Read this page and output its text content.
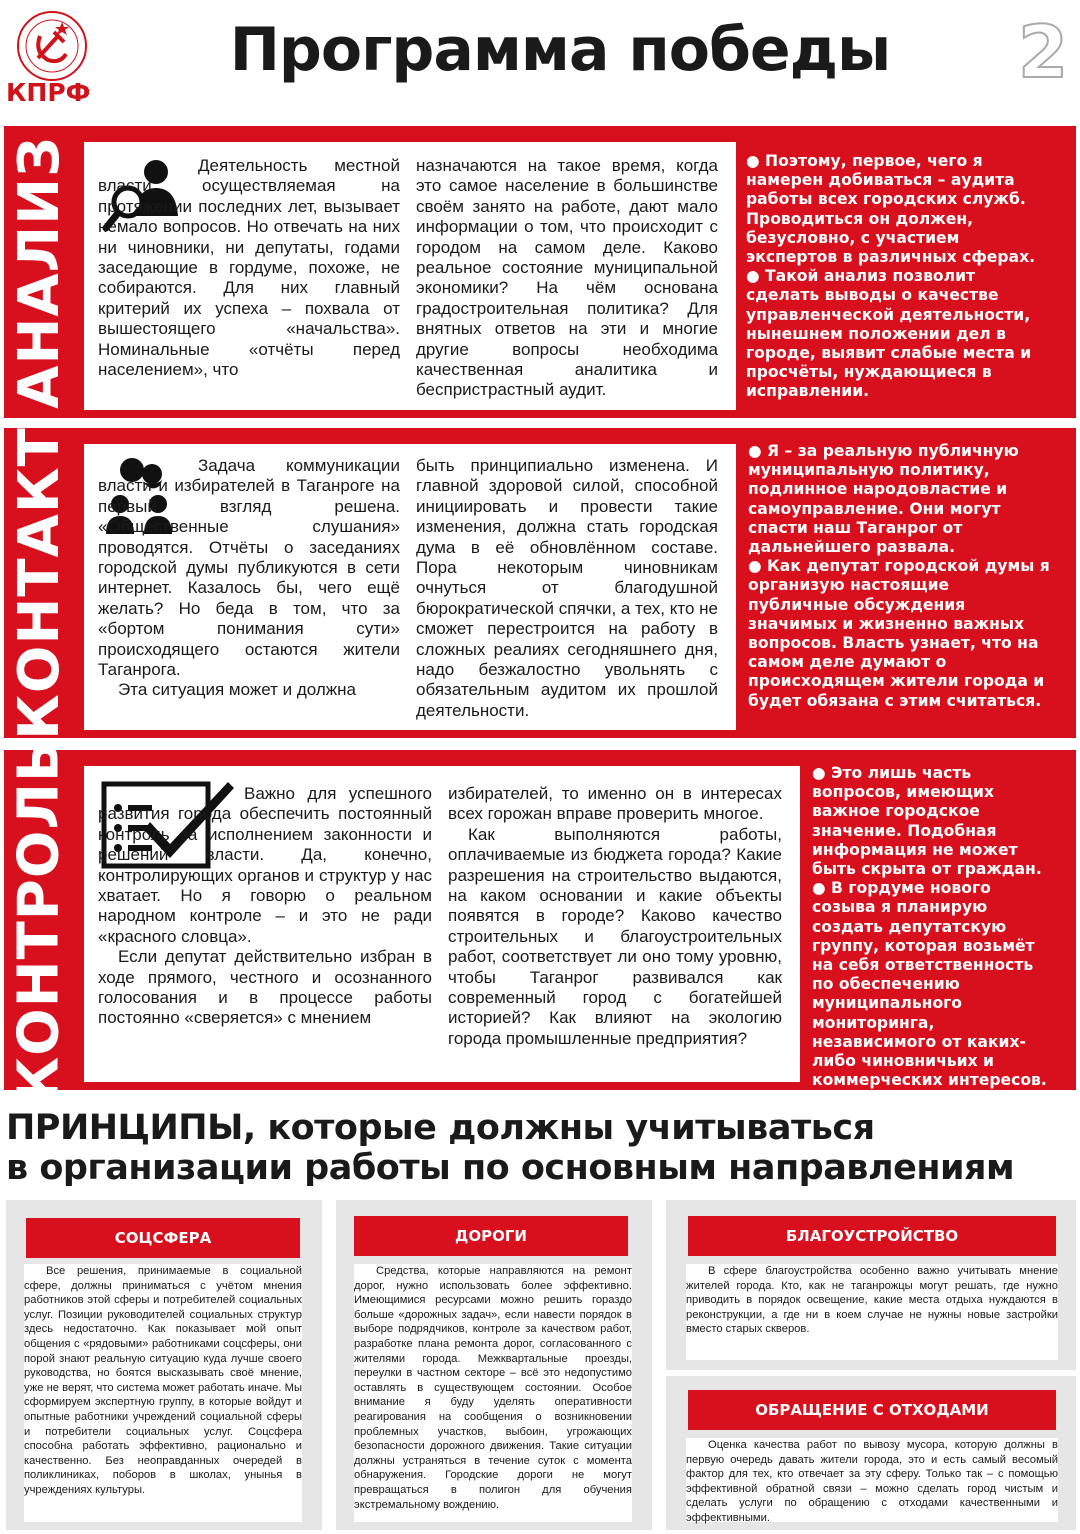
КПРФ
Программа победы	2
АНАЛИЗ	Деятельность местной власти, осуществляемая на протяжении последних лет, вызывает немало вопросов. Но отвечать на них ни чиновники, ни депутаты, годами заседающие в гордуме, похоже, не собираются. Для них главный критерий их успеха – похвала от вышестоящего «начальства». Номинальные «отчёты перед населением», что

назначаются на такое время, когда это самое население в большинстве своём занято на работе, дают мало информации о том, что происходит с городом на самом деле. Каково реальное состояние муниципальной экономики? На чём основана градостроительная политика? Для внятных ответов на эти и многие другие вопросы необходима качественная аналитика и беспристрастный аудит.

● Поэтому, первое, чего я намерен добиваться – аудита работы всех городских служб. Проводиться он должен, безусловно, с участием экспертов в различных сферах.

● Такой анализ позволит сделать выводы о качестве управленческой деятельности, нынешнем положении дел в городе, выявит слабые места и просчёты, нуждающиеся в исправлении.

КОНТАКТ	Задача коммуникации власти и избирателей в Таганроге на первый взгляд решена. «Общественные слушания» проводятся. Отчёты о заседаниях городской думы публикуются в сети интернет. Казалось бы, чего ещё желать? Но беда в том, что за «бортом понимания сути» происходящего остаются жители Таганрога.

Эта ситуация может и должна

быть принципиально изменена. И главной здоровой силой, способной инициировать и провести такие изменения, должна стать городская дума в её обновлённом составе. Пора некоторым чиновникам очнуться от благодушной бюрократической спячки, а тех, кто не сможет перестроится на работу в сложных реалиях сегодняшнего дня, надо безжалостно увольнять с обязательным аудитом их прошлой деятельности.

● Я – за реальную публичную муниципальную политику, подлинное народовластие и самоуправление. Они могут спасти наш Таганрог от дальнейшего развала.

● Как депутат городской думы я организую настоящие публичные обсуждения значимых и жизненно важных вопросов. Власть узнает, что на самом деле думают о происходящем жители города и будет обязана с этим считаться.

КОНТРОЛЬ	Важно для успешного развития города обеспечить постоянный контроль за исполнением законности и решений власти. Да, конечно, контролирующих органов и структур у нас хватает. Но я говорю о реальном народном контроле – и это не ради «красного словца».

Если депутат действительно избран в ходе прямого, честного и осознанного голосования и в процессе работы постоянно «сверяется» с мнением

избирателей, то именно он в интересах всех горожан вправе проверить многое.

Как выполняются работы, оплачиваемые из бюджета города? Какие разрешения на строительство выдаются, на каком основании и какие объекты появятся в городе? Каково качество строительных и благоустроительных работ, соответствует ли оно тому уровню, чтобы Таганрог развивался как современный город с богатейшей историей? Как влияют на экологию города промышленные предприятия?

● Это лишь часть вопросов, имеющих важное городское значение. Подобная информация не может быть скрыта от граждан.

● В гордуме нового созыва я планирую создать депутатскую группу, которая возьмёт на себя ответственность по обеспечению муниципального мониторинга, независимого от каких-либо чиновничьих и коммерческих интересов.

ПРИНЦИПЫ, которые должны учитываться
в организации работы по основным направлениям
СОЦСФЕРА

Все решения, принимаемые в социальной сфере, должны приниматься с учётом мнения работников этой сферы и потребителей социальных услуг. Позиции руководителей социальных структур здесь недостаточно. Как показывает мой опыт общения с «рядовыми» работниками соцсферы, они порой знают реальную ситуацию куда лучше своего руководства, но боятся высказывать своё мнение, уже не верят, что система может работать иначе. Мы сформируем экспертную группу, в которые войдут и опытные работники учреждений социальной сферы и потребители социальных услуг. Соцсфера способна работать эффективно, рационально и качественно. Без неоправданных очередей в поликлиниках, поборов в школах, унынья в учреждениях культуры.

ДОРОГИ

Средства, которые направляются на ремонт дорог, нужно использовать более эффективно. Имеющимися ресурсами можно решить гораздо больше «дорожных задач», если навести порядок в выборе подрядчиков, контроле за качеством работ, разработке плана ремонта дорог, согласованного с жителями города. Межквартальные проезды, переулки в частном секторе – всё это недопустимо оставлять в существующем состоянии. Особое внимание я буду уделять оперативности реагирования на сообщения о возникновении проблемных участков, выбоин, угрожающих безопасности дорожного движения. Такие ситуации должны устраняться в течение суток с момента обнаружения. Городские дороги не могут превращаться в полигон для обучения экстремальному вождению.

БЛАГОУСТРОЙСТВО

В сфере благоустройства особенно важно учитывать мнение жителей города. Кто, как не таганрожцы могут решать, где нужно приводить в порядок освещение, какие места отдыха нуждаются в реконструкции, а где ни в коем случае не нужны новые застройки вместо старых скверов.

ОБРАЩЕНИЕ С ОТХОДАМИ

Оценка качества работ по вывозу мусора, которую должны в первую очередь давать жители города, это и есть самый весомый фактор для тех, кто отвечает за эту сферу. Только так – с помощью эффективной обратной связи – можно сделать город чистым и сделать услуги по обращению с отходами качественными и эффективными.
